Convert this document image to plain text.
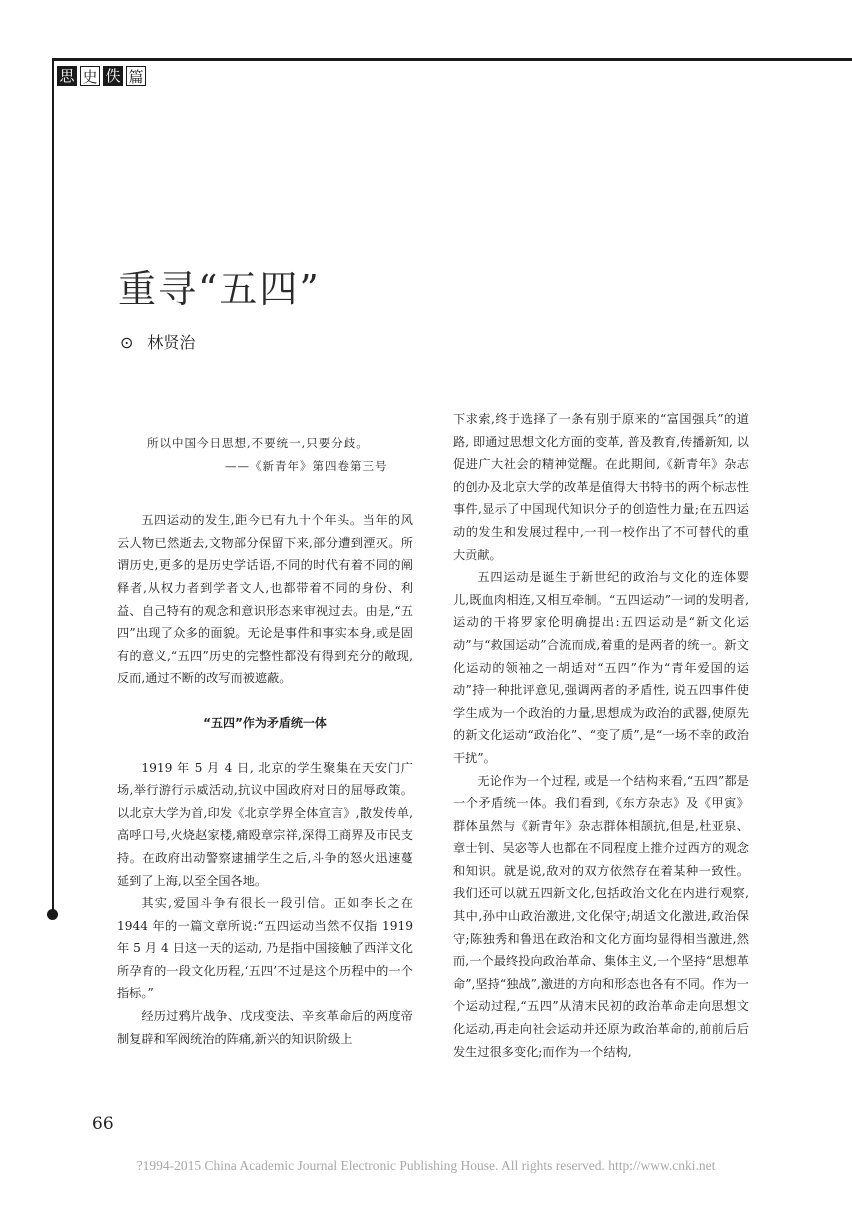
思 史 佚 篇
重寻“五四”
⊙ 林贤治

所以中国今日思想,不要统一,只要分歧。

——《新青年》第四卷第三号

五四运动的发生,距今已有九十个年头。当年的风云人物已然逝去,文物部分保留下来,部分遭到湮灭。所谓历史,更多的是历史学话语,不同的时代有着不同的阐释者,从权力者到学者文人,也都带着不同的身份、利益、自己特有的观念和意识形态来审视过去。由是,“五四”出现了众多的面貌。无论是事件和事实本身,或是固有的意义,“五四”历史的完整性都没有得到充分的敞现,反而,通过不断的改写而被遮蔽。

“五四”作为矛盾统一体

1919 年 5 月 4 日, 北京的学生聚集在天安门广场,举行游行示威活动,抗议中国政府对日的屈辱政策。以北京大学为首,印发《北京学界全体宣言》,散发传单,高呼口号,火烧赵家楼,痛殴章宗祥,深得工商界及市民支持。在政府出动警察逮捕学生之后,斗争的怒火迅速蔓延到了上海,以至全国各地。

其实,爱国斗争有很长一段引信。正如李长之在 1944 年的一篇文章所说:“五四运动当然不仅指 1919 年 5 月 4 日这一天的运动, 乃是指中国接触了西洋文化所孕育的一段文化历程,‘五四’不过是这个历程中的一个指标。”

经历过鸦片战争、戊戌变法、辛亥革命后的两度帝制复辟和军阀统治的阵痛,新兴的知识阶级上

下求索,终于选择了一条有别于原来的“富国强兵”的道路, 即通过思想文化方面的变革, 普及教育,传播新知, 以促进广大社会的精神觉醒。在此期间,《新青年》杂志的创办及北京大学的改革是值得大书特书的两个标志性事件,显示了中国现代知识分子的创造性力量;在五四运动的发生和发展过程中,一刊一校作出了不可替代的重大贡献。

五四运动是诞生于新世纪的政治与文化的连体婴儿,既血肉相连,又相互牵制。“五四运动”一词的发明者,运动的干将罗家伦明确提出:五四运动是“新文化运动”与“救国运动”合流而成,着重的是两者的统一。新文化运动的领袖之一胡适对“五四”作为“青年爱国的运动”持一种批评意见,强调两者的矛盾性, 说五四事件使学生成为一个政治的力量,思想成为政治的武器,使原先的新文化运动“政治化”、“变了质”,是“一场不幸的政治干扰”。

无论作为一个过程, 或是一个结构来看,“五四”都是一个矛盾统一体。我们看到,《东方杂志》及《甲寅》群体虽然与《新青年》杂志群体相颉抗,但是,杜亚泉、章士钊、吴宓等人也都在不同程度上推介过西方的观念和知识。就是说,敌对的双方依然存在着某种一致性。我们还可以就五四新文化,包括政治文化在内进行观察,其中,孙中山政治激进,文化保守;胡适文化激进,政治保守;陈独秀和鲁迅在政治和文化方面均显得相当激进,然而,一个最终投向政治革命、集体主义,一个坚持“思想革命”,坚持“独战”,激进的方向和形态也各有不同。作为一个运动过程,“五四”从清末民初的政治革命走向思想文化运动,再走向社会运动并还原为政治革命的,前前后后发生过很多变化;而作为一个结构,

66
?1994-2015 China Academic Journal Electronic Publishing House. All rights reserved. http://www.cnki.net
